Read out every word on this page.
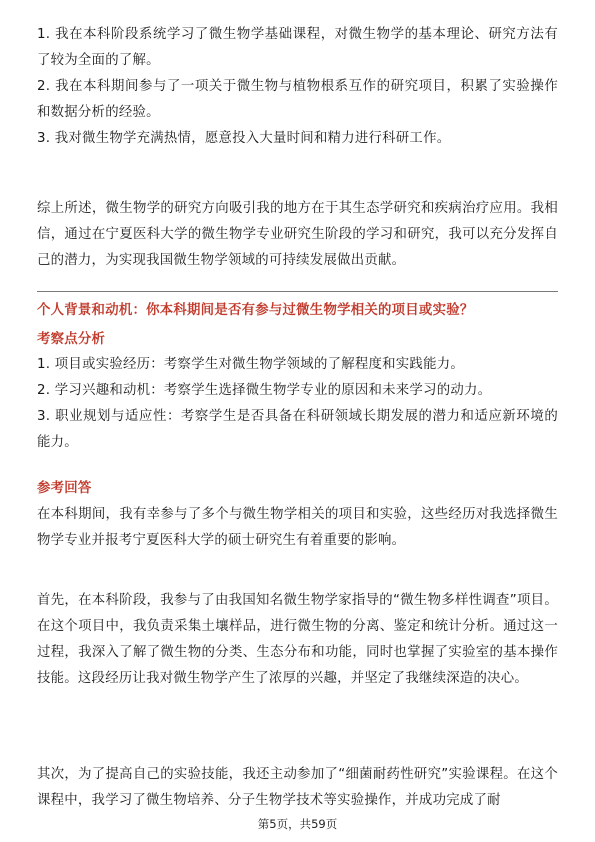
1. 我在本科阶段系统学习了微生物学基础课程，对微生物学的基本理论、研究方法有了较为全面的了解。

2. 我在本科期间参与了一项关于微生物与植物根系互作的研究项目，积累了实验操作和数据分析的经验。

3. 我对微生物学充满热情，愿意投入大量时间和精力进行科研工作。

综上所述，微生物学的研究方向吸引我的地方在于其生态学研究和疾病治疗应用。我相信，通过在宁夏医科大学的微生物学专业研究生阶段的学习和研究，我可以充分发挥自己的潜力，为实现我国微生物学领域的可持续发展做出贡献。

个人背景和动机：你本科期间是否有参与过微生物学相关的项目或实验？
考察点分析

1. 项目或实验经历：考察学生对微生物学领域的了解程度和实践能力。

2. 学习兴趣和动机：考察学生选择微生物学专业的原因和未来学习的动力。

3. 职业规划与适应性：考察学生是否具备在科研领域长期发展的潜力和适应新环境的能力。

参考回答

在本科期间，我有幸参与了多个与微生物学相关的项目和实验，这些经历对我选择微生物学专业并报考宁夏医科大学的硕士研究生有着重要的影响。

首先，在本科阶段，我参与了由我国知名微生物学家指导的“微生物多样性调查”项目。在这个项目中，我负责采集土壤样品，进行微生物的分离、鉴定和统计分析。通过这一过程，我深入了解了微生物的分类、生态分布和功能，同时也掌握了实验室的基本操作技能。这段经历让我对微生物学产生了浓厚的兴趣，并坚定了我继续深造的决心。

其次，为了提高自己的实验技能，我还主动参加了“细菌耐药性研究”实验课程。在这个课程中，我学习了微生物培养、分子生物学技术等实验操作，并成功完成了耐

第5页，共59页
